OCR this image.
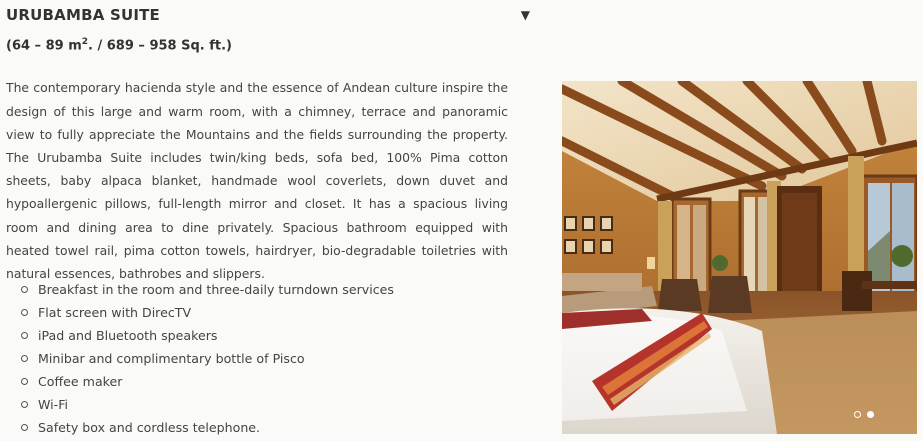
URUBAMBA SUITE	▼
(64 – 89 $m^2$. / 689 – 958 Sq. ft.)

The contemporary hacienda style and the essence of Andean culture inspire the design of this large and warm room, with a chimney, terrace and panoramic view to fully appreciate the Mountains and the fields surrounding the property. The Urubamba Suite includes twin/king beds, sofa bed, 100% Pima cotton sheets, baby alpaca blanket, handmade wool coverlets, down duvet and hypoallergenic pillows, full-length mirror and closet. It has a spacious living room and dining area to dine privately. Spacious bathroom equipped with heated towel rail, pima cotton towels, hairdryer, bio-degradable toiletries with natural essences, bathrobes and slippers.

Breakfast in the room and three-daily turndown services
Flat screen with DirecTV
iPad and Bluetooth speakers
Minibar and complimentary bottle of Pisco
Coffee maker
Wi-Fi
Safety box and cordless telephone.
